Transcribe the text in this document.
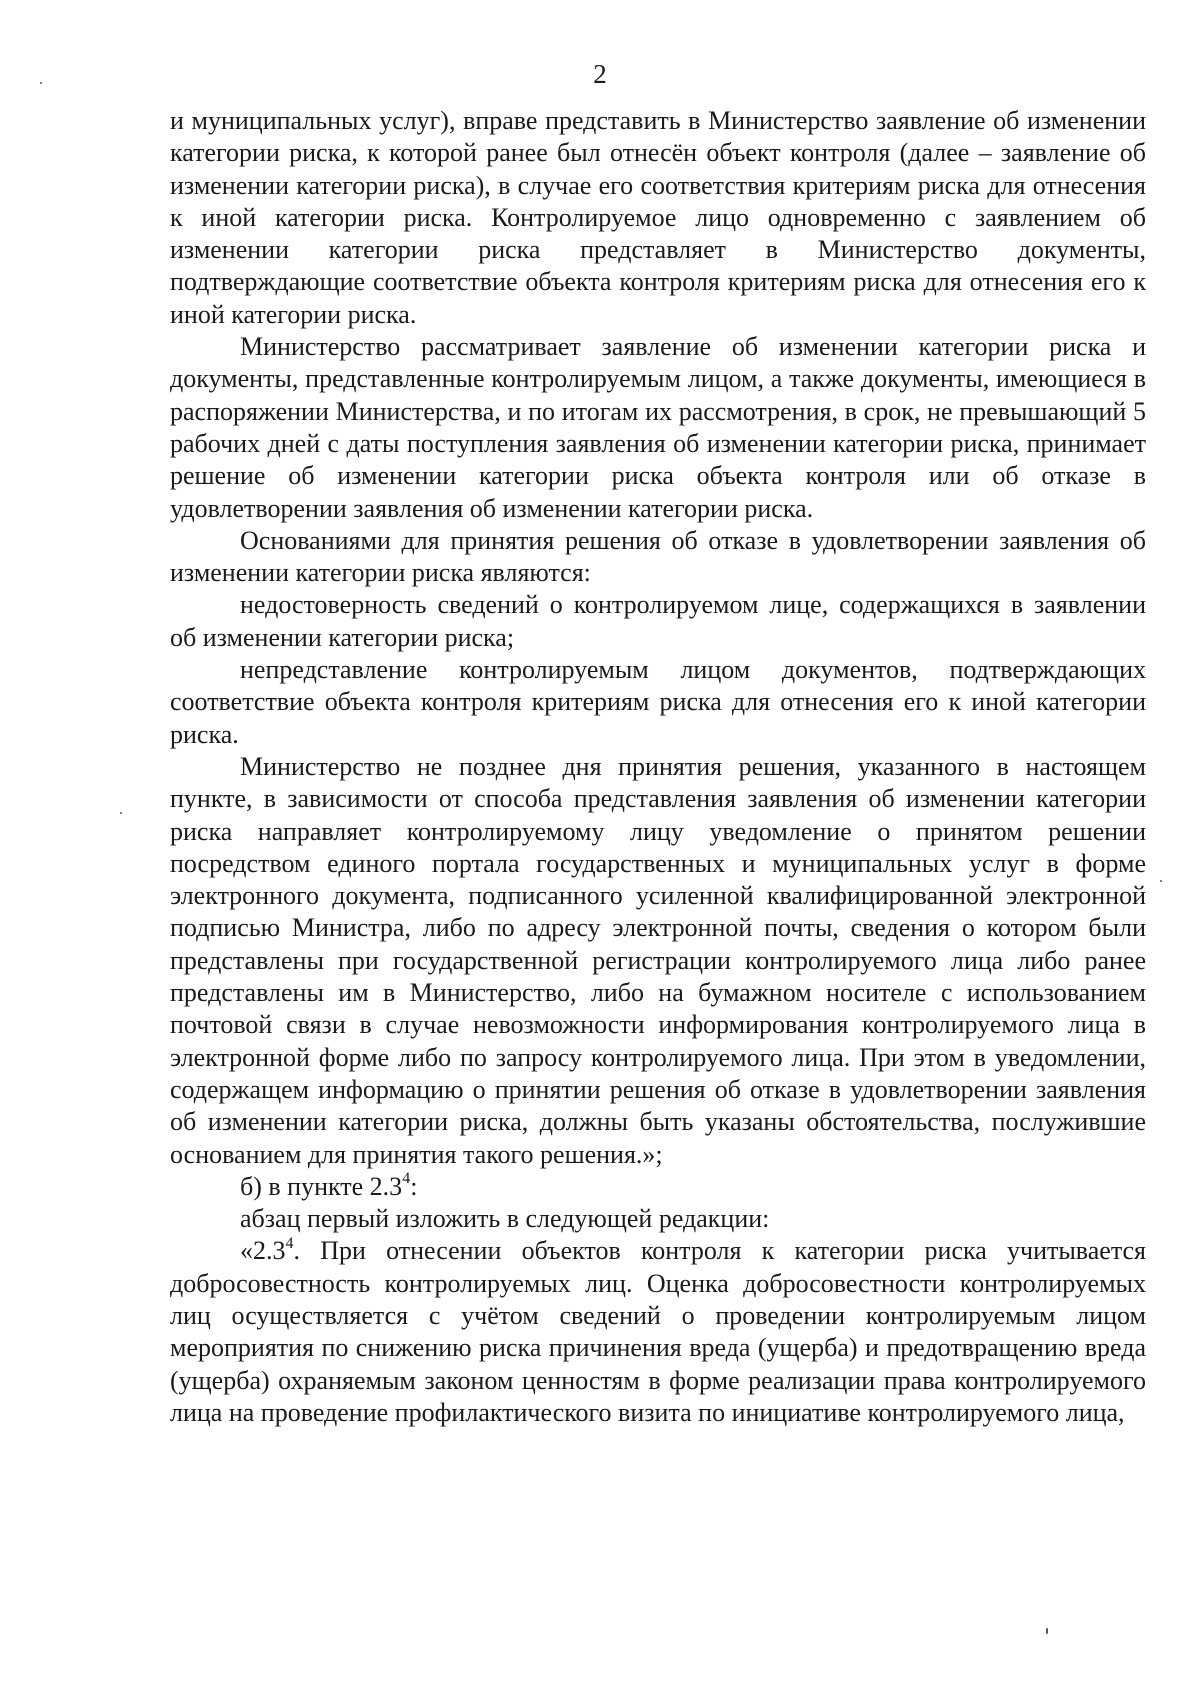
2

и муниципальных услуг), вправе представить в Министерство заявление об изменении категории риска, к которой ранее был отнесён объект контроля (далее – заявление об изменении категории риска), в случае его соответствия критериям риска для отнесения к иной категории риска. Контролируемое лицо одновременно с заявлением об изменении категории риска представляет в Министерство документы, подтверждающие соответствие объекта контроля критериям риска для отнесения его к иной категории риска.

Министерство рассматривает заявление об изменении категории риска и документы, представленные контролируемым лицом, а также документы, имеющиеся в распоряжении Министерства, и по итогам их рассмотрения, в срок, не превышающий 5 рабочих дней с даты поступления заявления об изменении категории риска, принимает решение об изменении категории риска объекта контроля или об отказе в удовлетворении заявления об изменении категории риска.

Основаниями для принятия решения об отказе в удовлетворении заявления об изменении категории риска являются:

недостоверность сведений о контролируемом лице, содержащихся в заявлении об изменении категории риска;

непредставление контролируемым лицом документов, подтверждающих соответствие объекта контроля критериям риска для отнесения его к иной категории риска.

Министерство не позднее дня принятия решения, указанного в настоящем пункте, в зависимости от способа представления заявления об изменении категории риска направляет контролируемому лицу уведомление о принятом решении посредством единого портала государственных и муниципальных услуг в форме электронного документа, подписанного усиленной квалифицированной электронной подписью Министра, либо по адресу электронной почты, сведения о котором были представлены при государственной регистрации контролируемого лица либо ранее представлены им в Министерство, либо на бумажном носителе с использованием почтовой связи в случае невозможности информирования контролируемого лица в электронной форме либо по запросу контролируемого лица. При этом в уведомлении, содержащем информацию о принятии решения об отказе в удовлетворении заявления об изменении категории риска, должны быть указаны обстоятельства, послужившие основанием для принятия такого решения.»;

б) в пункте $2.3^4$:

абзац первый изложить в следующей редакции:

«$2.3^4$. При отнесении объектов контроля к категории риска учитывается добросовестность контролируемых лиц. Оценка добросовестности контролируемых лиц осуществляется с учётом сведений о проведении контролируемым лицом мероприятия по снижению риска причинения вреда (ущерба) и предотвращению вреда (ущерба) охраняемым законом ценностям в форме реализации права контролируемого лица на проведение профилактического визита по инициативе контролируемого лица,
